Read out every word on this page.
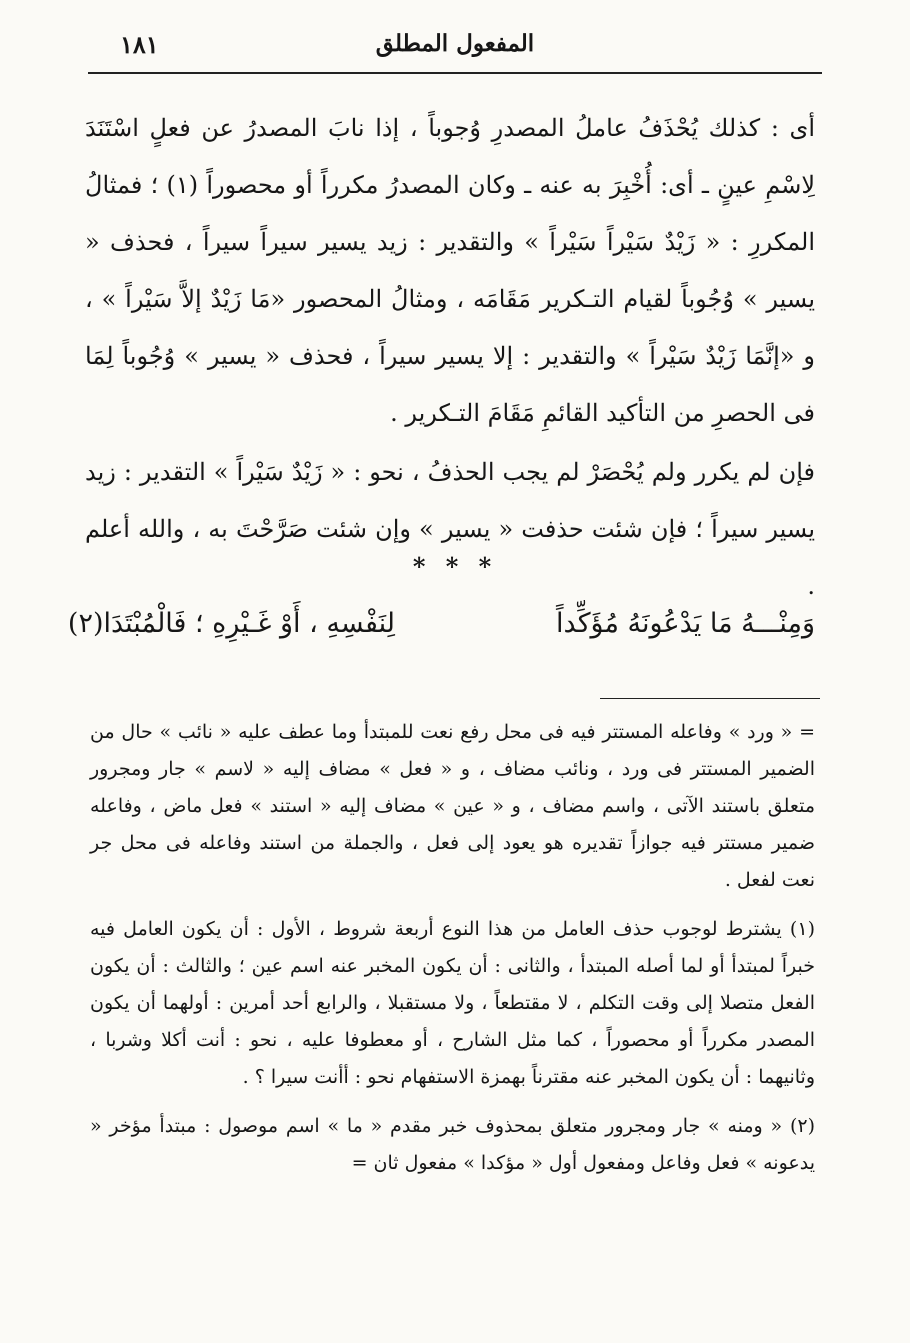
المفعول المطلق
١٨١

أى : كذلك يُحْذَفُ عاملُ المصدرِ وُجوباً ، إذا نابَ المصدرُ عن فعلٍ اسْتَنَدَ لِاسْمِ عينٍ ـ أى: أُخْبِرَ به عنه ـ وكان المصدرُ مكرراً أو محصوراً (١) ؛ فمثالُ المكررِ : « زَيْدٌ سَيْراً سَيْراً » والتقدير : زيد يسير سيراً سيراً ، فحذف « يسير » وُجُوباً لقيام التـكرير مَقَامَه ، ومثالُ المحصور «مَا زَيْدٌ إلاَّ سَيْراً » ، و «إنَّمَا زَيْدٌ سَيْراً » والتقدير : إلا يسير سيراً ، فحذف « يسير » وُجُوباً لِمَا فى الحصرِ من التأكيد القائمِ مَقَامَ التـكرير .

فإن لم يكرر ولم يُحْصَرْ لم يجب الحذفُ ، نحو : « زَيْدٌ سَيْراً » التقدير : زيد يسير سيراً ؛ فإن شئت حذفت « يسير » وإن شئت صَرَّحْتَ به ، والله أعلم .

* * *
وَمِنْـــهُ مَا يَدْعُونَهُ مُؤَكِّداً
لِنَفْسِهِ ، أَوْ غَـيْرِهِ ؛ فَالْمُبْتَدَا(٢)

= « ورد » وفاعله المستتر فيه فى محل رفع نعت للمبتدأ وما عطف عليه « نائب » حال من الضمير المستتر فى ورد ، ونائب مضاف ، و « فعل » مضاف إليه « لاسم » جار ومجرور متعلق باستند الآتى ، واسم مضاف ، و « عين » مضاف إليه « استند » فعل ماض ، وفاعله ضمير مستتر فيه جوازاً تقديره هو يعود إلى فعل ، والجملة من استند وفاعله فى محل جر نعت لفعل .

(١) يشترط لوجوب حذف العامل من هذا النوع أربعة شروط ، الأول : أن يكون العامل فيه خبراً لمبتدأ أو لما أصله المبتدأ ، والثانى : أن يكون المخبر عنه اسم عين ؛ والثالث : أن يكون الفعل متصلا إلى وقت التكلم ، لا مقتطعاً ، ولا مستقبلا ، والرابع أحد أمرين : أولهما أن يكون المصدر مكرراً أو محصوراً ، كما مثل الشارح ، أو معطوفا عليه ، نحو : أنت أكلا وشربا ، وثانيهما : أن يكون المخبر عنه مقترناً بهمزة الاستفهام نحو : أأنت سيرا ؟ .

(٢) « ومنه » جار ومجرور متعلق بمحذوف خبر مقدم « ما » اسم موصول : مبتدأ مؤخر « يدعونه » فعل وفاعل ومفعول أول « مؤكدا » مفعول ثان =
